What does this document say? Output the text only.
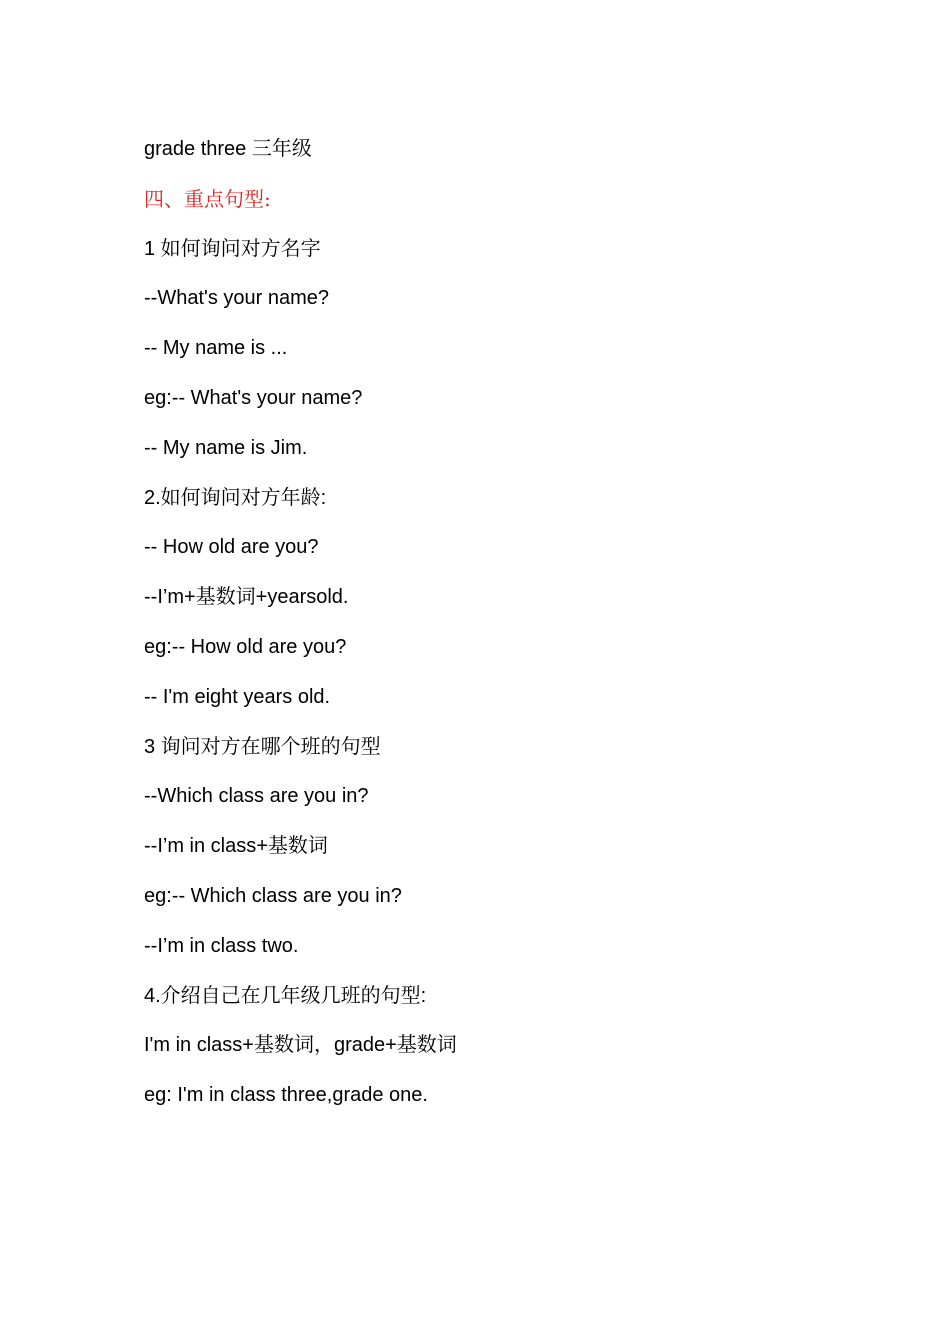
grade three 三年级
四、重点句型:
1 如何询问对方名字
--What's your name?
-- My name is ...
eg:-- What's your name?
-- My name is Jim.
2.如何询问对方年龄:
-- How old are you?
--I’m+基数词+yearsold.
eg:-- How old are you?
-- I'm eight years old.
3 询问对方在哪个班的句型
--Which class are you in?
--I’m in class+基数词
eg:-- Which class are you in?
--I’m in class two.
4.介绍自己在几年级几班的句型:
I'm in class+基数词，grade+基数词
eg: I'm in class three,grade one.
